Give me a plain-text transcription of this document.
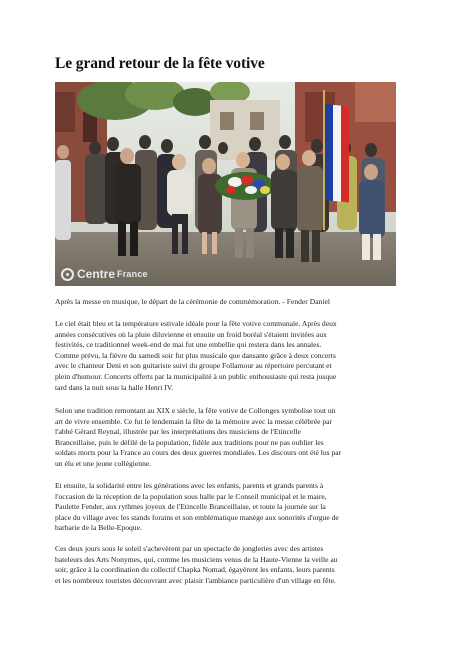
Le grand retour de la fête votive
Centre France
Après la messe en musique, le départ de la cérémonie de commémoration. - Fender Daniel

Le ciel était bleu et la température estivale idéale pour la fête votive communale. Après deux
années consécutives où la pluie diluvienne et ensuite un froid boréal s'étaient invitées aux
festivités, ce traditionnel week-end de mai fut une embellie qui restera dans les annales.
Comme prévu, la fièvre du samedi soir fut plus musicale que dansante grâce à deux concerts
avec le chanteur Deni et son guitariste suivi du groupe Follamour au répertoire percutant et
plein d'humour. Concerts offerts par la municipalité à un public enthousiaste qui resta jusque
tard dans la nuit sous la halle Henri IV.

Selon une tradition remontant au XIX e siècle, la fête votive de Collonges symbolise tout un
art de vivre ensemble. Ce fut le lendemain la fête de la mémoire avec la messe célébrée par
l'abbé Gérard Reynal, illustrée par les interprétations des musiciens de l'Etincelle
Branceillaise, puis le défilé de la population, fidèle aux traditions pour ne pas oublier les
soldats morts pour la France au cours des deux guerres mondiales. Les discours ont été lus par
un élu et une jeune collégienne.

Et ensuite, la solidarité entre les générations avec les enfants, parents et grands parents à
l'occasion de la réception de la population sous halle par le Conseil municipal et le maire,
Paulette Fender, aux rythmes joyeux de l'Etincelle Branceillaise, et toute la journée sur la
place du village avec les stands forains et son emblématique manège aux sonorités d'orgue de
barbarie de la Belle-Epoque.

Ces deux jours sous le soleil s'achevèrent par un spectacle de jongleries avec des artistes
bateleurs des Arts Nonymes, qui, comme les musiciens venus de la Haute-Vienne la veille au
soir, grâce à la coordination du collectif Chapka Nomad, égayèrent les enfants, leurs parents
et les nombreux touristes découvrant avec plaisir l'ambiance particulière d'un village en fête.
